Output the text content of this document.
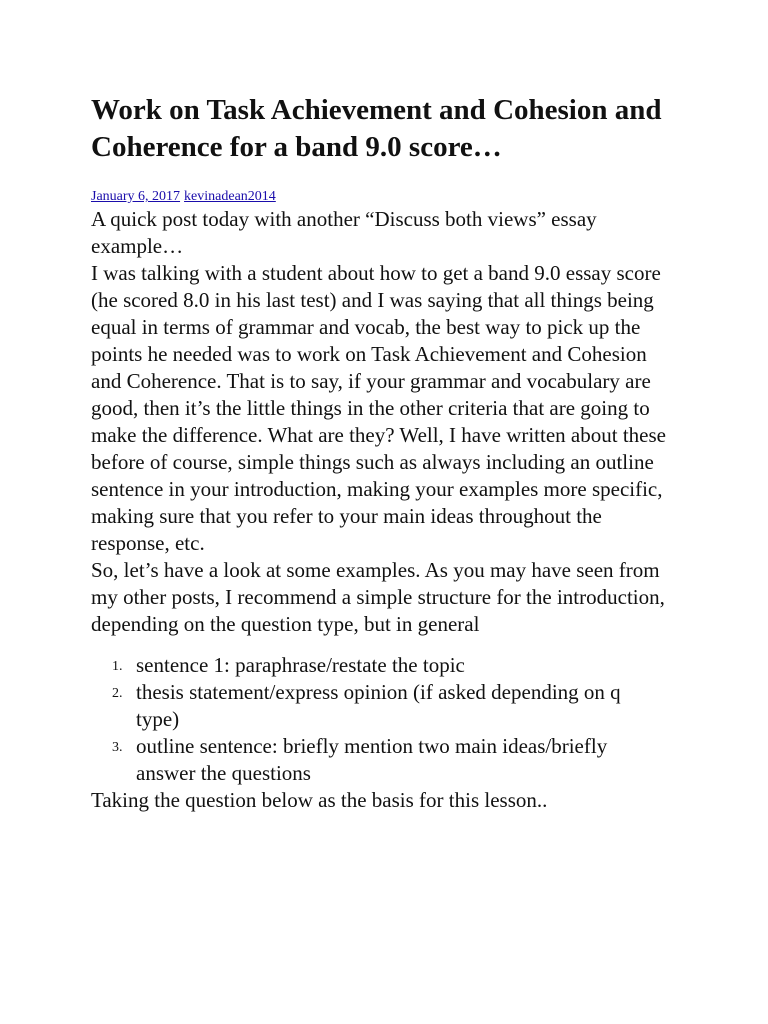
Work on Task Achievement and Cohesion and Coherence for a band 9.0 score…
January 6, 2017 kevinadean2014

A quick post today with another “Discuss both views” essay example…

I was talking with a student about how to get a band 9.0 essay score (he scored 8.0 in his last test) and I was saying that all things being equal in terms of grammar and vocab, the best way to pick up the points he needed was to work on Task Achievement and Cohesion and Coherence. That is to say, if your grammar and vocabulary are good, then it’s the little things in the other criteria that are going to make the difference. What are they? Well, I have written about these before of course, simple things such as always including an outline sentence in your introduction, making your examples more specific, making sure that you refer to your main ideas throughout the response, etc.

So, let’s have a look at some examples. As you may have seen from my other posts, I recommend a simple structure for the introduction, depending on the question type, but in general

1. sentence 1: paraphrase/restate the topic
2. thesis statement/express opinion (if asked depending on q type)
3. outline sentence: briefly mention two main ideas/briefly answer the questions

Taking the question below as the basis for this lesson..
